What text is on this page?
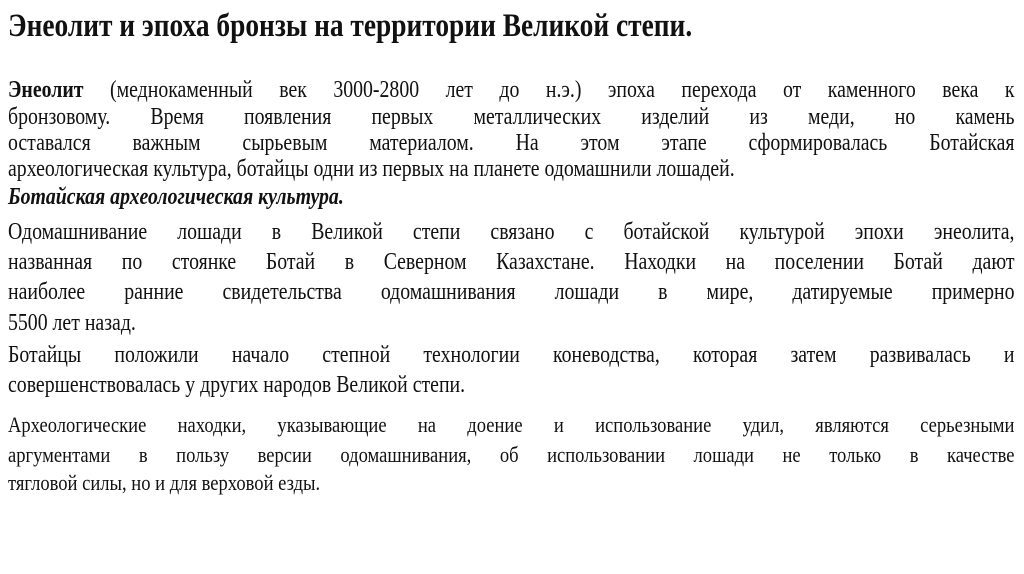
Энеолит и эпоха бронзы на территории Великой степи.
Энеолит (меднокаменный век 3000-2800 лет до н.э.) эпоха перехода от каменного века к
бронзовому. Время появления первых металлических изделий из меди, но камень
оставался важным сырьевым материалом. На этом этапе сформировалась Ботайская
археологическая культура, ботайцы одни из первых на планете одомашнили лошадей.
Ботайская археологическая культура.
Одомашнивание лошади в Великой степи связано с ботайской культурой эпохи энеолита,
названная по стоянке Ботай в Северном Казахстане. Находки на поселении Ботай дают
наиболее ранние свидетельства одомашнивания лошади в мире, датируемые примерно
5500 лет назад.
Ботайцы положили начало степной технологии коневодства, которая затем развивалась и
совершенствовалась у других народов Великой степи.
Археологические находки, указывающие на доение и использование удил, являются серьезными
аргументами в пользу версии одомашнивания, об использовании лошади не только в качестве
тягловой силы, но и для верховой езды.
